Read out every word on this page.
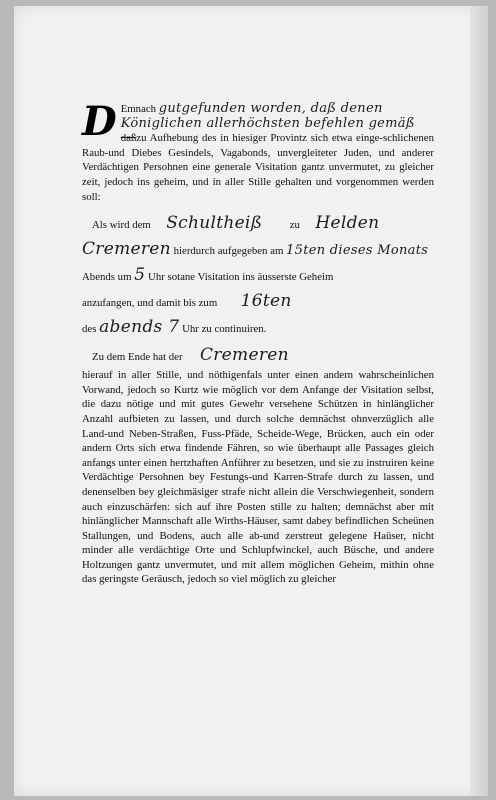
D Emnach gutgefunden worden, daß denen
Königlichen allerhöchsten befehlen gemäß
daßzu Aufhebung des in hiesiger Provintz sich etwa einge-schlichenen Raub-und Diebes Gesindels, Vagabonds, unvergleiteter Juden, und anderer Verdächtigen Persohnen eine generale Visitation gantz unvermutet, zu gleicher zeit, jedoch ins geheim, und in aller Stille gehalten und vorgenommen werden soll:

Als wird dem Schultheiß	zu Helden

Cremeren hierdurch aufgegeben am 15ten dieses Monats

Abends um 5 Uhr sotane Visitation ins äusserste Geheim

anzufangen, und damit bis zum 16ten

des abends 7 Uhr zu continuiren.

Zu dem Ende hat der Cremeren

hierauf in aller Stille, und nöthigenfals unter einen andern wahrscheinlichen Vorwand, jedoch so Kurtz wie möglich vor dem Anfange der Visitation selbst, die dazu nötige und mit gutes Gewehr versehene Schützen in hinlänglicher Anzahl aufbieten zu lassen, und durch solche demnächst ohnverzüglich alle Land-und Neben-Straßen, Fuss-Pfäde, Scheide-Wege, Brücken, auch ein oder andern Orts sich etwa findende Fähren, so wie überhaupt alle Passages gleich anfangs unter einen hertzhaften Anführer zu besetzen, und sie zu instruiren keine Verdächtige Persohnen bey Festungs-und Karren-Strafe durch zu lassen, und denenselben bey gleichmäsiger strafe nicht allein die Verschwiegenheit, sondern auch einzuschärfen: sich auf ihre Posten stille zu halten; demnächst aber mit hinlänglicher Mannschaft alle Wirths-Häuser, samt dabey befindlichen Scheünen Stallungen, und Bodens, auch alle ab-und zerstreut gelegene Haüser, nicht minder alle verdächtige Orte und Schlupfwinckel, auch Büsche, und andere Holtzungen gantz unvermutet, und mit allem möglichen Geheim, mithin ohne das geringste Geräusch, jedoch so viel möglich zu gleicher
